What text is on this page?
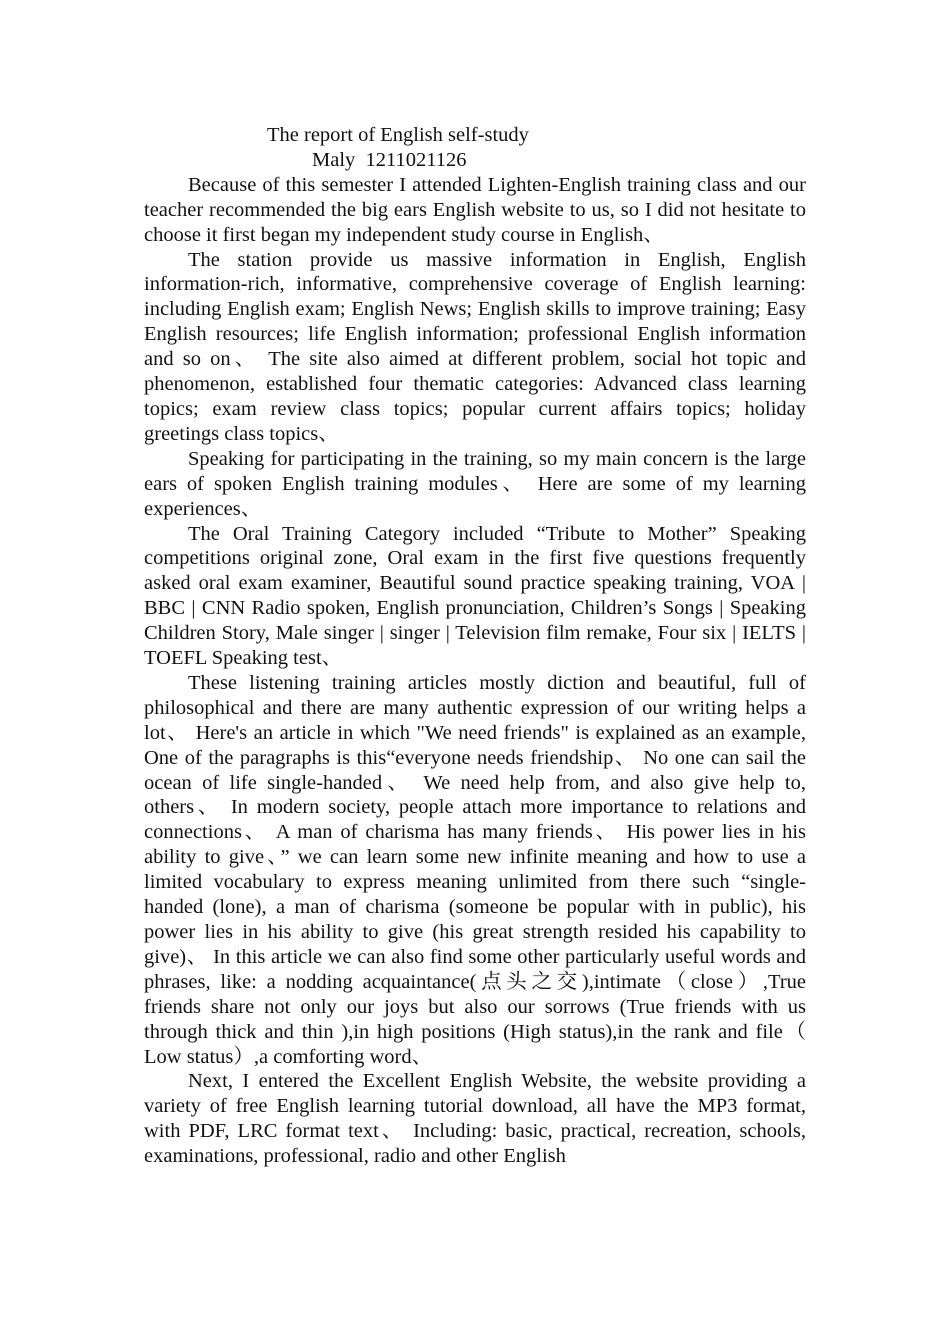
The report of English self-study
Maly  1211021126

Because of this semester I attended Lighten-English training class and our teacher recommended the big ears English website to us, so I did not hesitate to choose it first began my independent study course in English、

The station provide us massive information in English, English information-rich, informative, comprehensive coverage of English learning: including English exam; English News; English skills to improve training; Easy English resources; life English information; professional English information and so on、 The site also aimed at different problem, social hot topic and phenomenon, established four thematic categories: Advanced class learning topics; exam review class topics; popular current affairs topics; holiday greetings class topics、

Speaking for participating in the training, so my main concern is the large ears of spoken English training modules、 Here are some of my learning experiences、

The Oral Training Category included “Tribute to Mother” Speaking competitions original zone, Oral exam in the first five questions frequently asked oral exam examiner, Beautiful sound practice speaking training, VOA | BBC | CNN Radio spoken, English pronunciation, Children’s Songs | Speaking Children Story, Male singer | singer | Television film remake, Four six | IELTS | TOEFL Speaking test、

These listening training articles mostly diction and beautiful, full of philosophical and there are many authentic expression of our writing helps a lot、 Here's an article in which "We need friends" is explained as an example, One of the paragraphs is this“everyone needs friendship、 No one can sail the ocean of life single-handed、 We need help from, and also give help to, others、 In modern society, people attach more importance to relations and connections、 A man of charisma has many friends、 His power lies in his ability to give、” we can learn some new infinite meaning and how to use a limited vocabulary to express meaning unlimited from there such “single-handed (lone), a man of charisma (someone be popular with in public), his power lies in his ability to give (his great strength resided his capability to give)、 In this article we can also find some other particularly useful words and phrases, like: a nodding acquaintance(点头之交),intimate（close）,True friends share not only our joys but also our sorrows (True friends with us through thick and thin ),in high positions (High status),in the rank and file（ Low status）,a comforting word、

Next, I entered the Excellent English Website, the website providing a variety of free English learning tutorial download, all have the MP3 format, with PDF, LRC format text、 Including: basic, practical, recreation, schools, examinations, professional, radio and other English
